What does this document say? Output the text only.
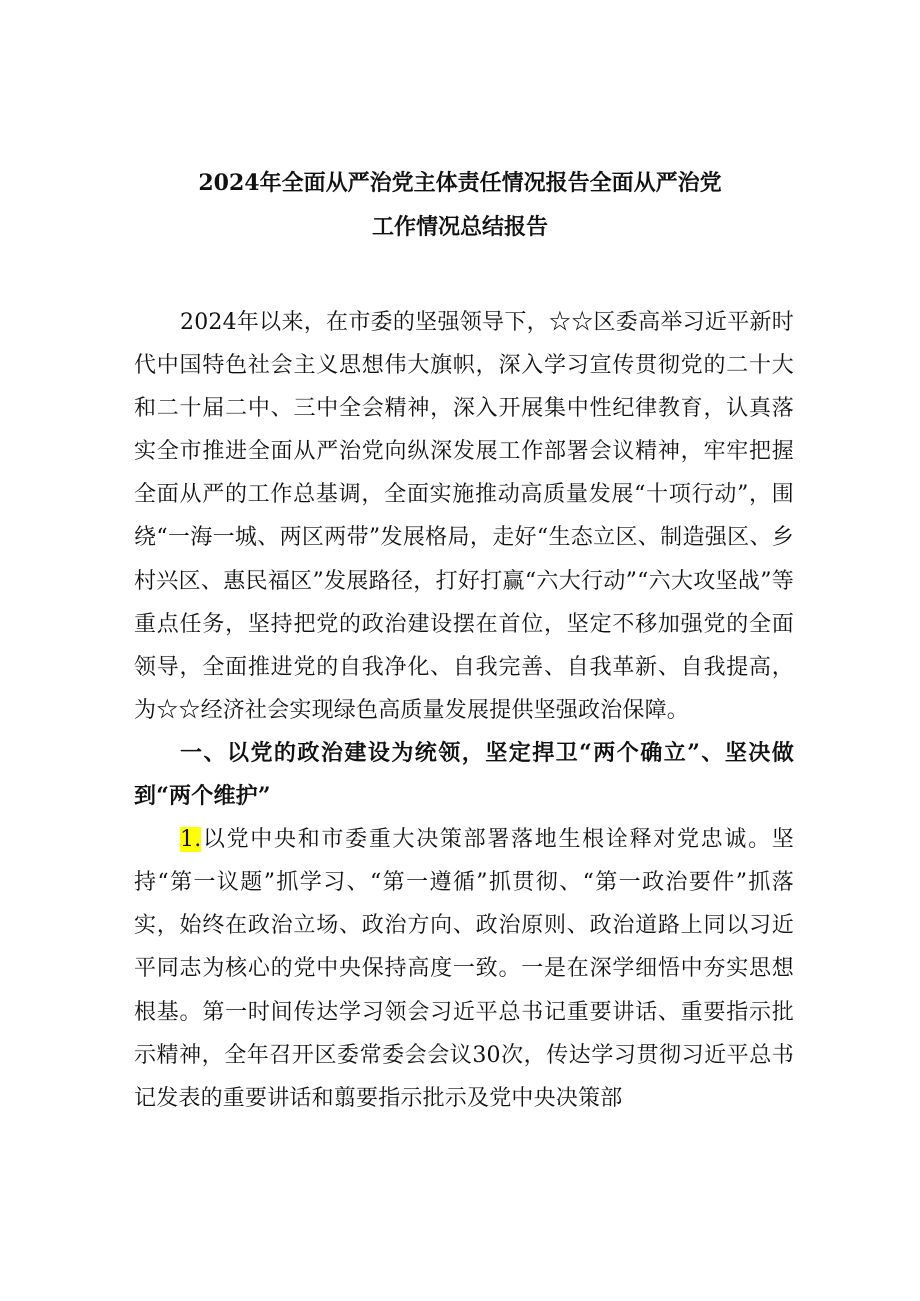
2024年全面从严治党主体责任情况报告全面从严治党
工作情况总结报告

2024年以来，在市委的坚强领导下，☆☆区委高举习近平新时代中国特色社会主义思想伟大旗帜，深入学习宣传贯彻党的二十大和二十届二中、三中全会精神，深入开展集中性纪律教育，认真落实全市推进全面从严治党向纵深发展工作部署会议精神，牢牢把握全面从严的工作总基调，全面实施推动高质量发展“十项行动”，围绕“一海一城、两区两带”发展格局，走好“生态立区、制造强区、乡村兴区、惠民福区”发展路径，打好打赢“六大行动”“六大攻坚战”等重点任务，坚持把党的政治建设摆在首位，坚定不移加强党的全面领导，全面推进党的自我净化、自我完善、自我革新、自我提高，为☆☆经济社会实现绿色高质量发展提供坚强政治保障。

一、以党的政治建设为统领，坚定捍卫“两个确立”、坚决做到“两个维护”

1.以党中央和市委重大决策部署落地生根诠释对党忠诚。坚持“第一议题”抓学习、“第一遵循”抓贯彻、“第一政治要件”抓落实，始终在政治立场、政治方向、政治原则、政治道路上同以习近平同志为核心的党中央保持高度一致。一是在深学细悟中夯实思想根基。第一时间传达学习领会习近平总书记重要讲话、重要指示批示精神，全年召开区委常委会会议30次，传达学习贯彻习近平总书记发表的重要讲话和翦要指示批示及党中央决策部
